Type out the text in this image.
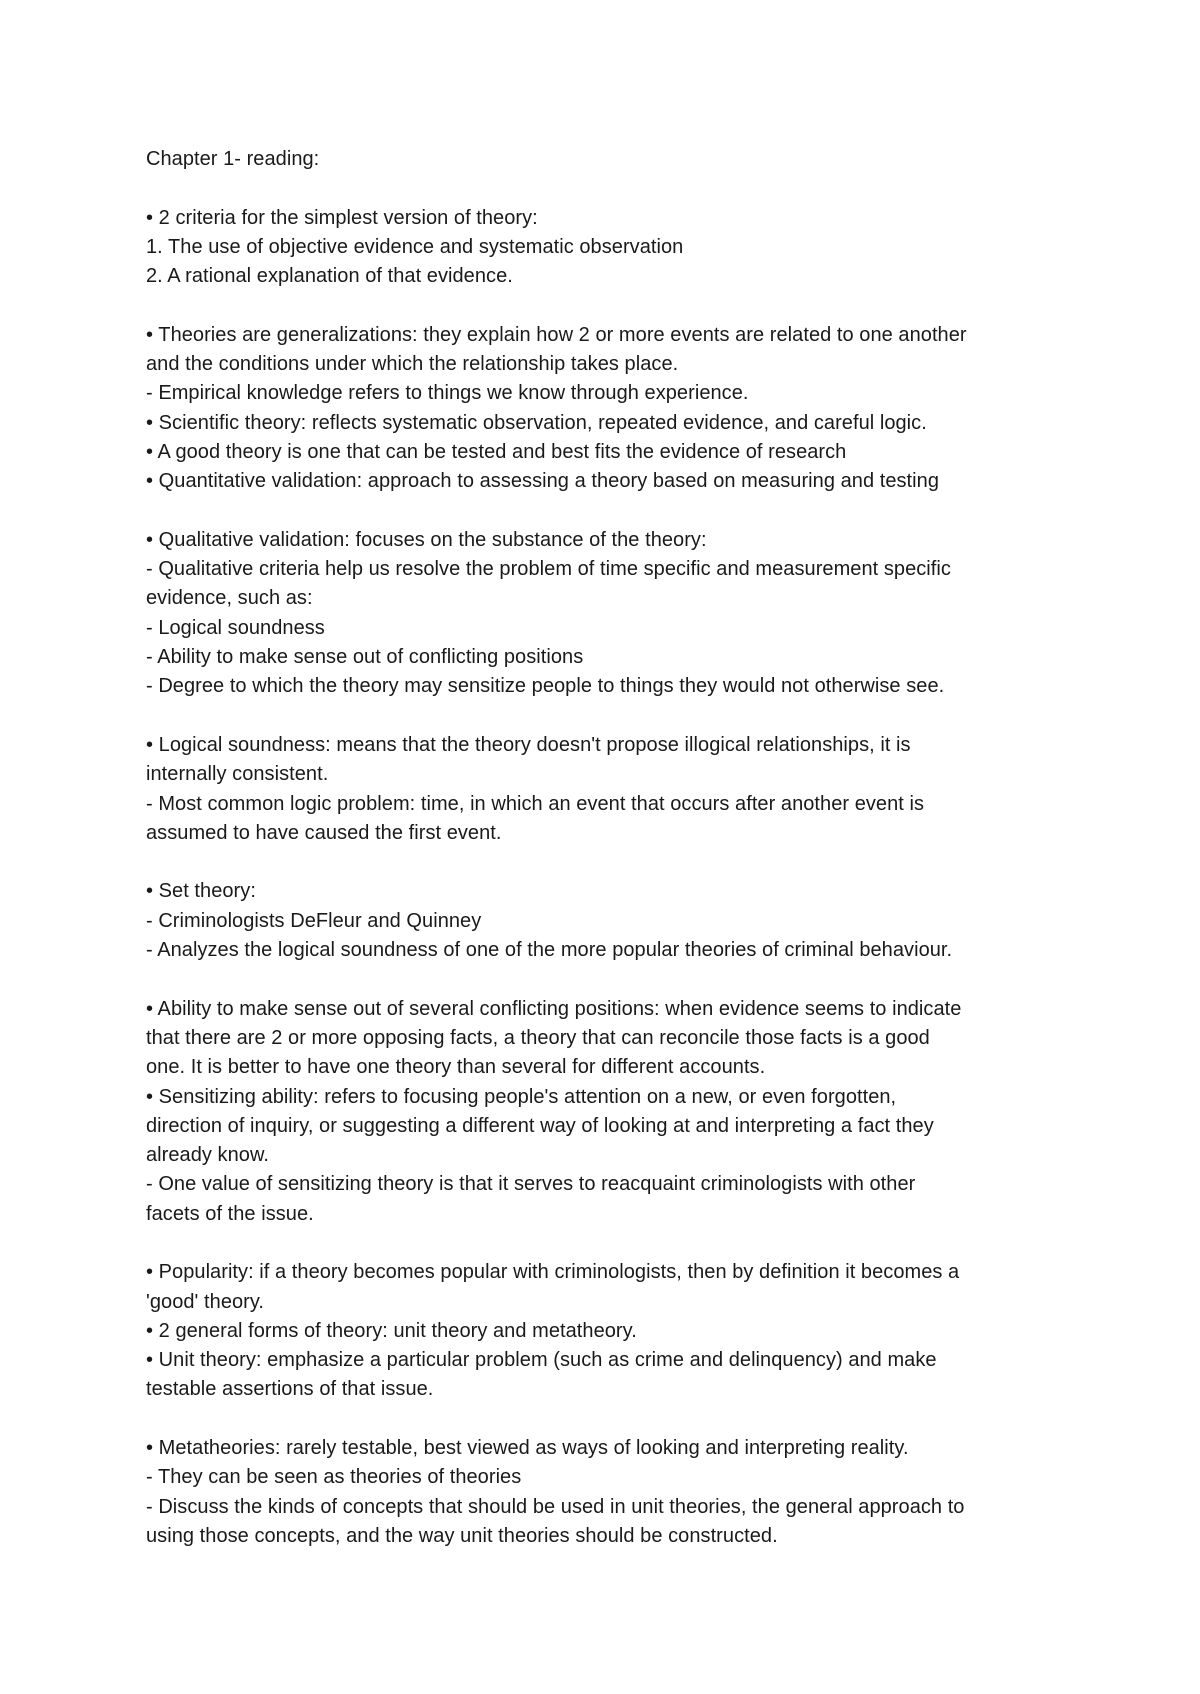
Chapter 1- reading:
• 2 criteria for the simplest version of theory:
1. The use of objective evidence and systematic observation
2. A rational explanation of that evidence.
• Theories are generalizations: they explain how 2 or more events are related to one another
and the conditions under which the relationship takes place.
- Empirical knowledge refers to things we know through experience.
• Scientific theory: reflects systematic observation, repeated evidence, and careful logic.
• A good theory is one that can be tested and best fits the evidence of research
• Quantitative validation: approach to assessing a theory based on measuring and testing
• Qualitative validation: focuses on the substance of the theory:
- Qualitative criteria help us resolve the problem of time specific and measurement specific
evidence, such as:
- Logical soundness
- Ability to make sense out of conflicting positions
- Degree to which the theory may sensitize people to things they would not otherwise see.
• Logical soundness: means that the theory doesn't propose illogical relationships, it is
internally consistent.
- Most common logic problem: time, in which an event that occurs after another event is
assumed to have caused the first event.
• Set theory:
- Criminologists DeFleur and Quinney
- Analyzes the logical soundness of one of the more popular theories of criminal behaviour.
• Ability to make sense out of several conflicting positions: when evidence seems to indicate
that there are 2 or more opposing facts, a theory that can reconcile those facts is a good
one. It is better to have one theory than several for different accounts.
• Sensitizing ability: refers to focusing people's attention on a new, or even forgotten,
direction of inquiry, or suggesting a different way of looking at and interpreting a fact they
already know.
- One value of sensitizing theory is that it serves to reacquaint criminologists with other
facets of the issue.
• Popularity: if a theory becomes popular with criminologists, then by definition it becomes a
'good' theory.
• 2 general forms of theory: unit theory and metatheory.
• Unit theory: emphasize a particular problem (such as crime and delinquency) and make
testable assertions of that issue.
• Metatheories: rarely testable, best viewed as ways of looking and interpreting reality.
- They can be seen as theories of theories
- Discuss the kinds of concepts that should be used in unit theories, the general approach to
using those concepts, and the way unit theories should be constructed.
